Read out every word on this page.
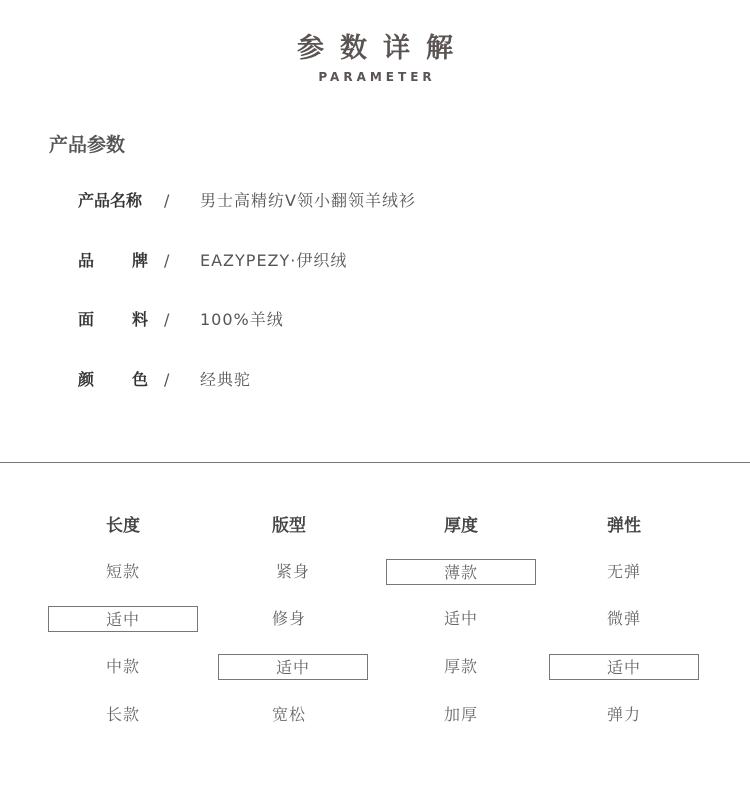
参数详解
PARAMETER
产品参数
产品名称 / 男士高精纺V领小翻领羊绒衫
品 牌 / EAZYPEZY·伊织绒
面 料 / 100%羊绒
颜 色 / 经典驼
长度
短款
适中
中款
长款
版型
紧身
修身
适中
宽松
厚度
薄款
适中
厚款
加厚
弹性
无弹
微弹
适中
弹力
